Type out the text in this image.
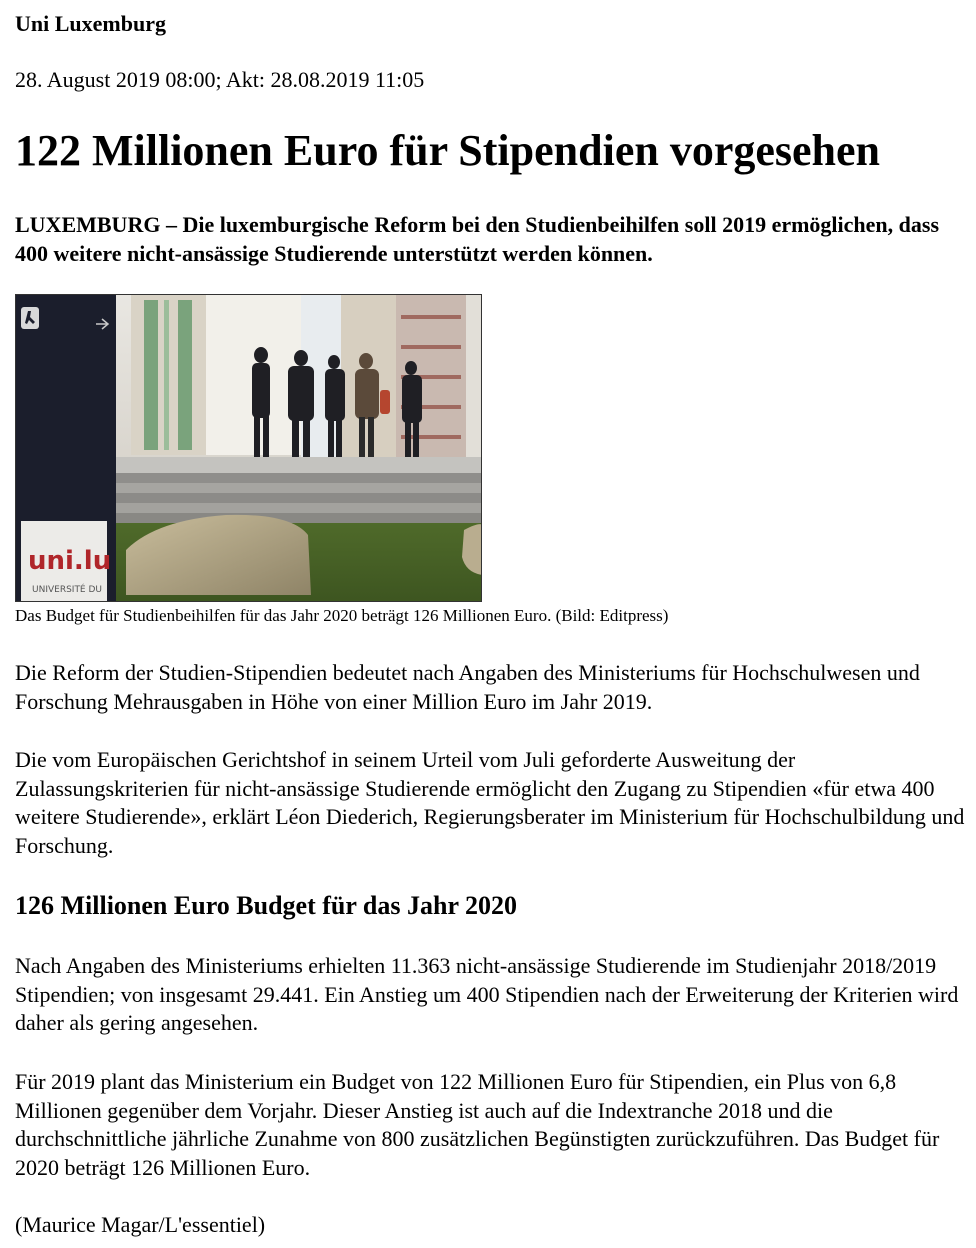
Uni Luxemburg
28. August 2019 08:00; Akt: 28.08.2019 11:05
122 Millionen Euro für Stipendien vorgesehen
LUXEMBURG – Die luxemburgische Reform bei den Studienbeihilfen soll 2019 ermöglichen, dass 400 weitere nicht-ansässige Studierende unterstützt werden können.
uni.lu
UNIVERSITÉ DU
Das Budget für Studienbeihilfen für das Jahr 2020 beträgt 126 Millionen Euro. (Bild: Editpress)

Die Reform der Studien-Stipendien bedeutet nach Angaben des Ministeriums für Hochschulwesen und Forschung Mehrausgaben in Höhe von einer Million Euro im Jahr 2019.

Die vom Europäischen Gerichtshof in seinem Urteil vom Juli geforderte Ausweitung der Zulassungskriterien für nicht-ansässige Studierende ermöglicht den Zugang zu Stipendien «für etwa 400 weitere Studierende», erklärt Léon Diederich, Regierungsberater im Ministerium für Hochschulbildung und Forschung.

126 Millionen Euro Budget für das Jahr 2020

Nach Angaben des Ministeriums erhielten 11.363 nicht-ansässige Studierende im Studienjahr 2018/2019 Stipendien; von insgesamt 29.441. Ein Anstieg um 400 Stipendien nach der Erweiterung der Kriterien wird daher als gering angesehen.

Für 2019 plant das Ministerium ein Budget von 122 Millionen Euro für Stipendien, ein Plus von 6,8 Millionen gegenüber dem Vorjahr. Dieser Anstieg ist auch auf die Indextranche 2018 und die durchschnittliche jährliche Zunahme von 800 zusätzlichen Begünstigten zurückzuführen. Das Budget für 2020 beträgt 126 Millionen Euro.

(Maurice Magar/L'essentiel)
